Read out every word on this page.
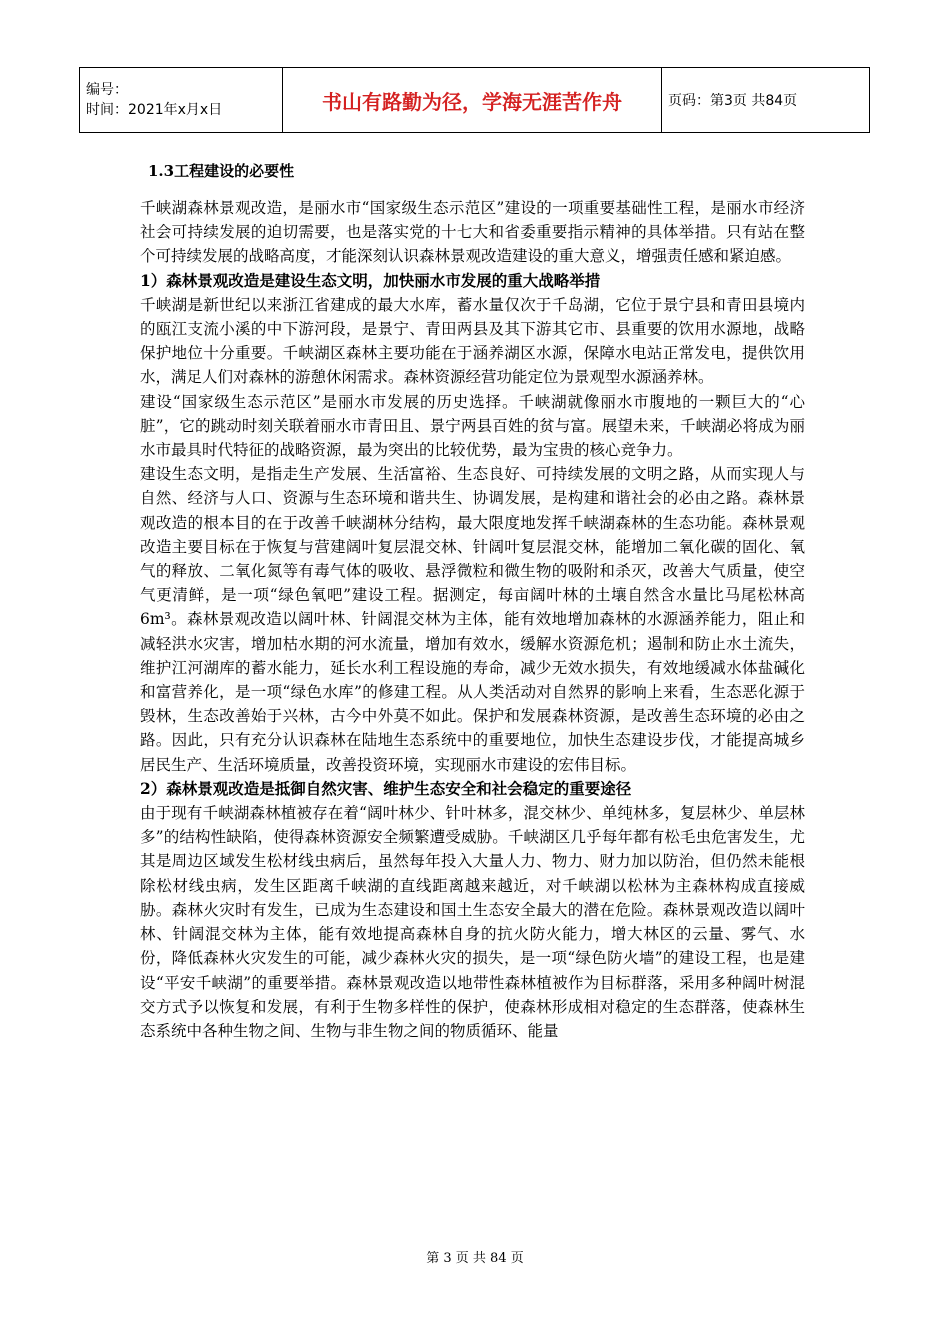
编号：
时间：2021年x月x日	书山有路勤为径，学海无涯苦作舟	页码：第3页 共84页
1.3工程建设的必要性

千峡湖森林景观改造，是丽水市“国家级生态示范区”建设的一项重要基础性工程，是丽水市经济社会可持续发展的迫切需要，也是落实党的十七大和省委重要指示精神的具体举措。只有站在整个可持续发展的战略高度，才能深刻认识森林景观改造建设的重大意义，增强责任感和紧迫感。

1）森林景观改造是建设生态文明，加快丽水市发展的重大战略举措

千峡湖是新世纪以来浙江省建成的最大水库，蓄水量仅次于千岛湖，它位于景宁县和青田县境内的瓯江支流小溪的中下游河段，是景宁、青田两县及其下游其它市、县重要的饮用水源地，战略保护地位十分重要。千峡湖区森林主要功能在于涵养湖区水源，保障水电站正常发电，提供饮用水，满足人们对森林的游憩休闲需求。森林资源经营功能定位为景观型水源涵养林。

建设“国家级生态示范区”是丽水市发展的历史选择。千峡湖就像丽水市腹地的一颗巨大的“心脏”，它的跳动时刻关联着丽水市青田且、景宁两县百姓的贫与富。展望未来，千峡湖必将成为丽水市最具时代特征的战略资源，最为突出的比较优势，最为宝贵的核心竞争力。

建设生态文明，是指走生产发展、生活富裕、生态良好、可持续发展的文明之路，从而实现人与自然、经济与人口、资源与生态环境和谐共生、协调发展，是构建和谐社会的必由之路。森林景观改造的根本目的在于改善千峡湖林分结构，最大限度地发挥千峡湖森林的生态功能。森林景观改造主要目标在于恢复与营建阔叶复层混交林、针阔叶复层混交林，能增加二氧化碳的固化、氧气的释放、二氧化氮等有毒气体的吸收、悬浮微粒和微生物的吸附和杀灭，改善大气质量，使空气更清鲜，是一项“绿色氧吧”建设工程。据测定，每亩阔叶林的土壤自然含水量比马尾松林高6m³。森林景观改造以阔叶林、针阔混交林为主体，能有效地增加森林的水源涵养能力，阻止和减轻洪水灾害，增加枯水期的河水流量，增加有效水，缓解水资源危机；遏制和防止水土流失，维护江河湖库的蓄水能力，延长水利工程设施的寿命，减少无效水损失，有效地缓减水体盐碱化和富营养化，是一项“绿色水库”的修建工程。从人类活动对自然界的影响上来看，生态恶化源于毁林，生态改善始于兴林，古今中外莫不如此。保护和发展森林资源，是改善生态环境的必由之路。因此，只有充分认识森林在陆地生态系统中的重要地位，加快生态建设步伐，才能提高城乡居民生产、生活环境质量，改善投资环境，实现丽水市建设的宏伟目标。

2）森林景观改造是抵御自然灾害、维护生态安全和社会稳定的重要途径

由于现有千峡湖森林植被存在着“阔叶林少、针叶林多，混交林少、单纯林多，复层林少、单层林多”的结构性缺陷，使得森林资源安全频繁遭受威胁。千峡湖区几乎每年都有松毛虫危害发生，尤其是周边区域发生松材线虫病后，虽然每年投入大量人力、物力、财力加以防治，但仍然未能根除松材线虫病，发生区距离千峡湖的直线距离越来越近，对千峡湖以松林为主森林构成直接威胁。森林火灾时有发生，已成为生态建设和国土生态安全最大的潜在危险。森林景观改造以阔叶林、针阔混交林为主体，能有效地提高森林自身的抗火防火能力，增大林区的云量、雾气、水份，降低森林火灾发生的可能，减少森林火灾的损失，是一项“绿色防火墙”的建设工程，也是建设“平安千峡湖”的重要举措。森林景观改造以地带性森林植被作为目标群落，采用多种阔叶树混交方式予以恢复和发展，有利于生物多样性的保护，使森林形成相对稳定的生态群落，使森林生态系统中各种生物之间、生物与非生物之间的物质循环、能量

第 3 页 共 84 页
